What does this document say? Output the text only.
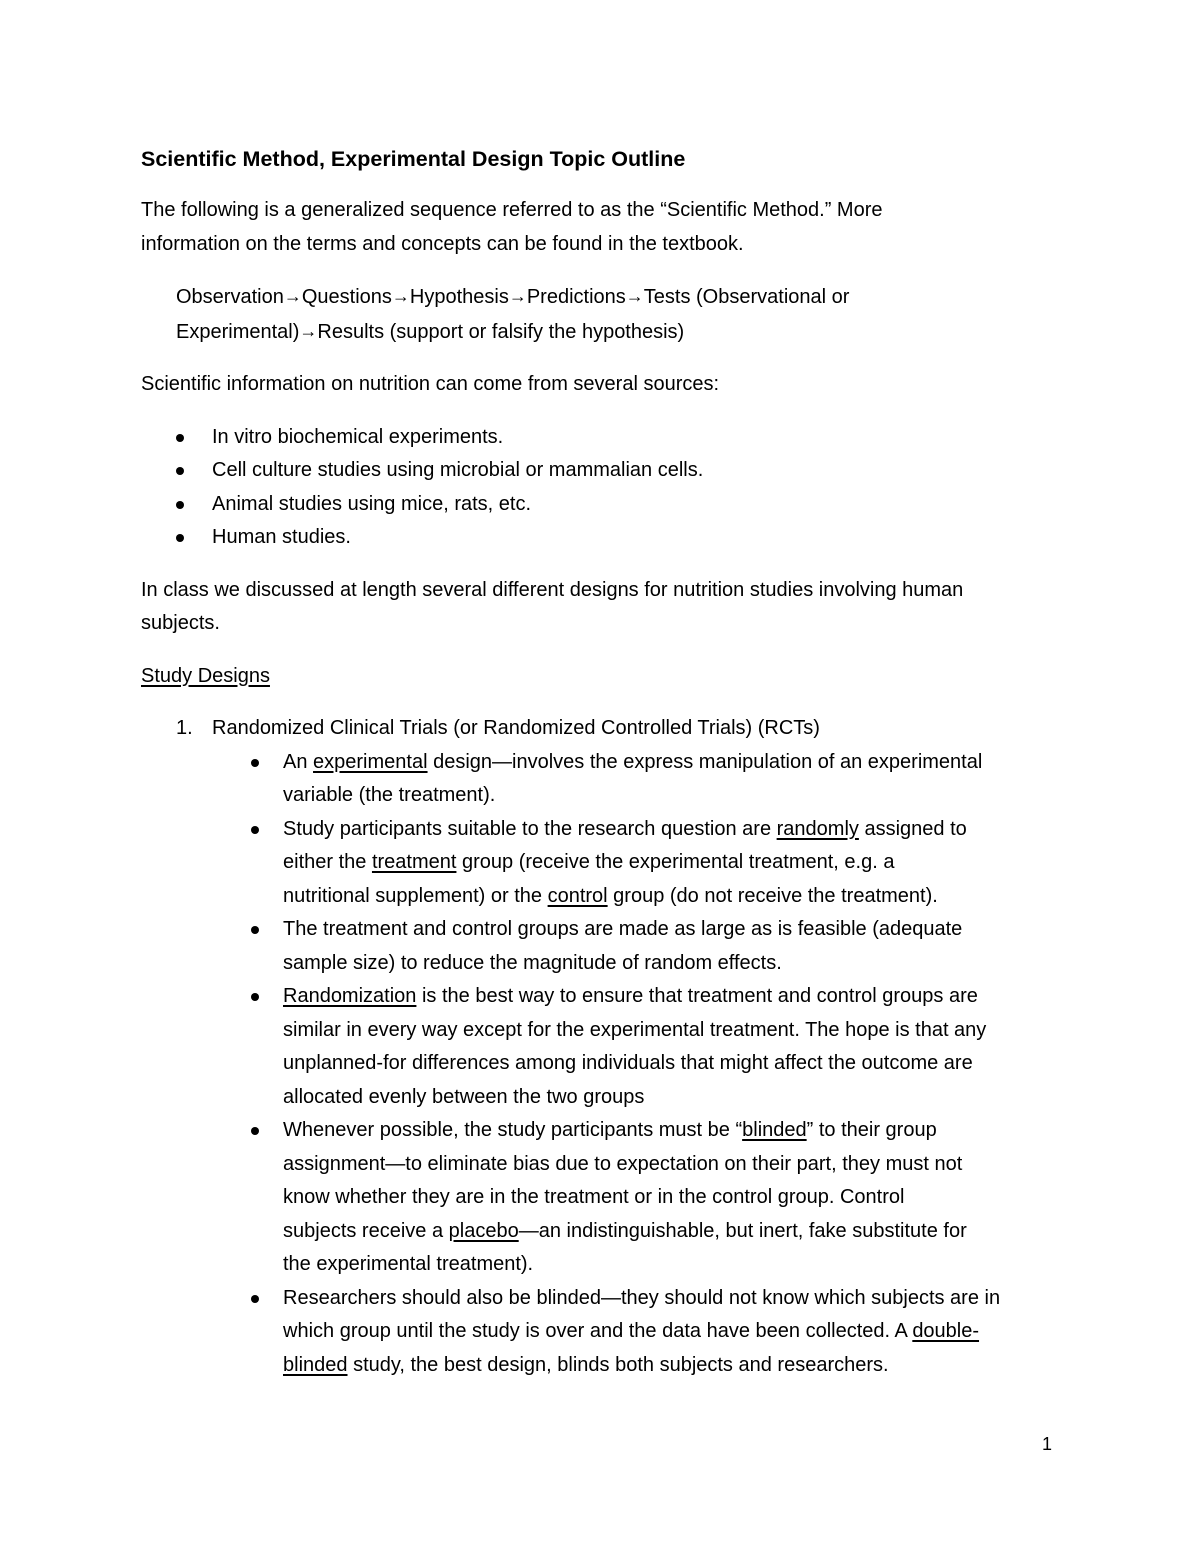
Scientific Method, Experimental Design Topic Outline

The following is a generalized sequence referred to as the “Scientific Method.” More
information on the terms and concepts can be found in the textbook.

Observation→Questions→Hypothesis→Predictions→Tests (Observational or
Experimental)→Results (support or falsify the hypothesis)

Scientific information on nutrition can come from several sources:

In vitro biochemical experiments.
Cell culture studies using microbial or mammalian cells.
Animal studies using mice, rats, etc.
Human studies.

In class we discussed at length several different designs for nutrition studies involving human
subjects.

Study Designs

1. Randomized Clinical Trials (or Randomized Controlled Trials) (RCTs)
An experimental design—involves the express manipulation of an experimental
variable (the treatment).
Study participants suitable to the research question are randomly assigned to
either the treatment group (receive the experimental treatment, e.g. a
nutritional supplement) or the control group (do not receive the treatment).
The treatment and control groups are made as large as is feasible (adequate
sample size) to reduce the magnitude of random effects.
Randomization is the best way to ensure that treatment and control groups are
similar in every way except for the experimental treatment. The hope is that any
unplanned-for differences among individuals that might affect the outcome are
allocated evenly between the two groups
Whenever possible, the study participants must be “blinded” to their group
assignment—to eliminate bias due to expectation on their part, they must not
know whether they are in the treatment or in the control group. Control
subjects receive a placebo—an indistinguishable, but inert, fake substitute for
the experimental treatment).
Researchers should also be blinded—they should not know which subjects are in
which group until the study is over and the data have been collected. A double-
blinded study, the best design, blinds both subjects and researchers.
1
